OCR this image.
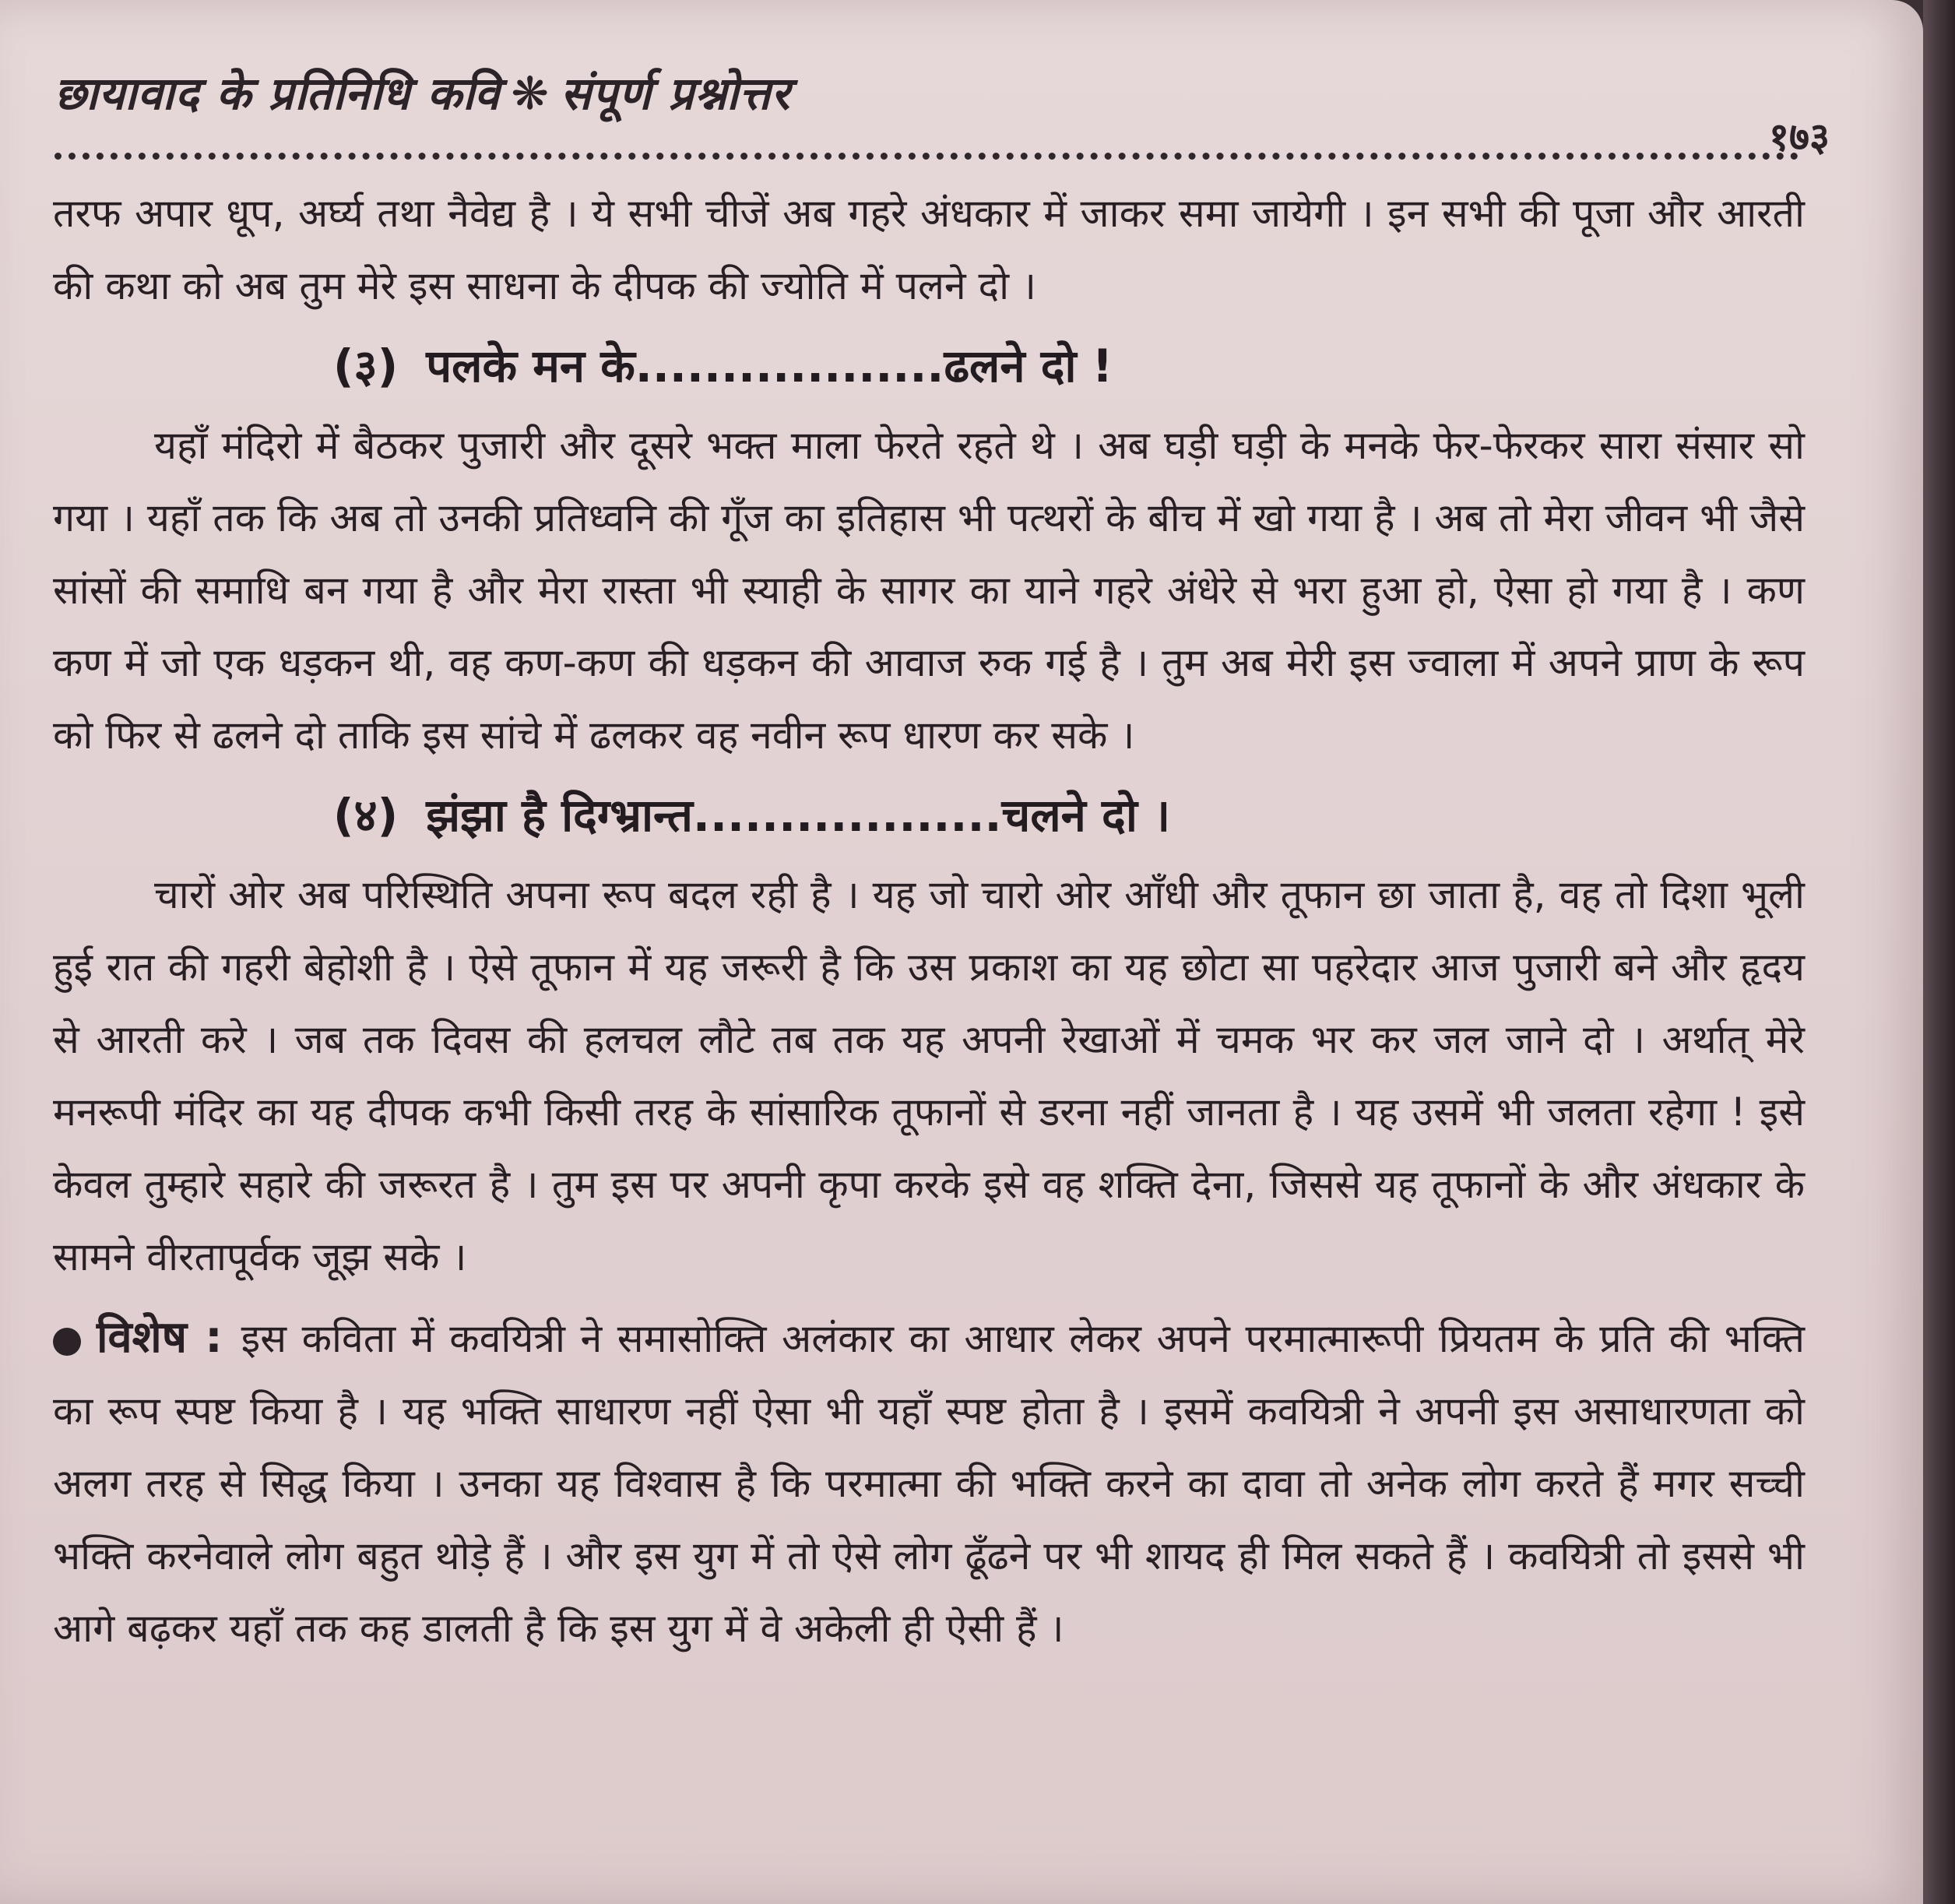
छायावाद के प्रतिनिधि कवि ❋ संपूर्ण प्रश्नोत्तर
१७३

तरफ अपार धूप, अर्घ्य तथा नैवेद्य है । ये सभी चीजें अब गहरे अंधकार में जाकर समा जायेगी । इन सभी की पूजा और आरती की कथा को अब तुम मेरे इस साधना के दीपक की ज्योति में पलने दो ।

(३) पलके मन के..................ढलने दो !

यहाँ मंदिरो में बैठकर पुजारी और दूसरे भक्त माला फेरते रहते थे । अब घड़ी घड़ी के मनके फेर-फेरकर सारा संसार सो गया । यहाँ तक कि अब तो उनकी प्रतिध्वनि की गूँज का इतिहास भी पत्थरों के बीच में खो गया है । अब तो मेरा जीवन भी जैसे सांसों की समाधि बन गया है और मेरा रास्ता भी स्याही के सागर का याने गहरे अंधेरे से भरा हुआ हो, ऐसा हो गया है । कण कण में जो एक धड़कन थी, वह कण-कण की धड़कन की आवाज रुक गई है । तुम अब मेरी इस ज्वाला में अपने प्राण के रूप को फिर से ढलने दो ताकि इस सांचे में ढलकर वह नवीन रूप धारण कर सके ।

(४) झंझा है दिग्भ्रान्त..................चलने दो ।

चारों ओर अब परिस्थिति अपना रूप बदल रही है । यह जो चारो ओर आँधी और तूफान छा जाता है, वह तो दिशा भूली हुई रात की गहरी बेहोशी है । ऐसे तूफान में यह जरूरी है कि उस प्रकाश का यह छोटा सा पहरेदार आज पुजारी बने और हृदय से आरती करे । जब तक दिवस की हलचल लौटे तब तक यह अपनी रेखाओं में चमक भर कर जल जाने दो । अर्थात् मेरे मनरूपी मंदिर का यह दीपक कभी किसी तरह के सांसारिक तूफानों से डरना नहीं जानता है । यह उसमें भी जलता रहेगा ! इसे केवल तुम्हारे सहारे की जरूरत है । तुम इस पर अपनी कृपा करके इसे वह शक्ति देना, जिससे यह तूफानों के और अंधकार के सामने वीरतापूर्वक जूझ सके ।

विशेष : इस कविता में कवयित्री ने समासोक्ति अलंकार का आधार लेकर अपने परमात्मारूपी प्रियतम के प्रति की भक्ति का रूप स्पष्ट किया है । यह भक्ति साधारण नहीं ऐसा भी यहाँ स्पष्ट होता है । इसमें कवयित्री ने अपनी इस असाधारणता को अलग तरह से सिद्ध किया । उनका यह विश्वास है कि परमात्मा की भक्ति करने का दावा तो अनेक लोग करते हैं मगर सच्ची भक्ति करनेवाले लोग बहुत थोड़े हैं । और इस युग में तो ऐसे लोग ढूँढने पर भी शायद ही मिल सकते हैं । कवयित्री तो इससे भी आगे बढ़कर यहाँ तक कह डालती है कि इस युग में वे अकेली ही ऐसी हैं ।
